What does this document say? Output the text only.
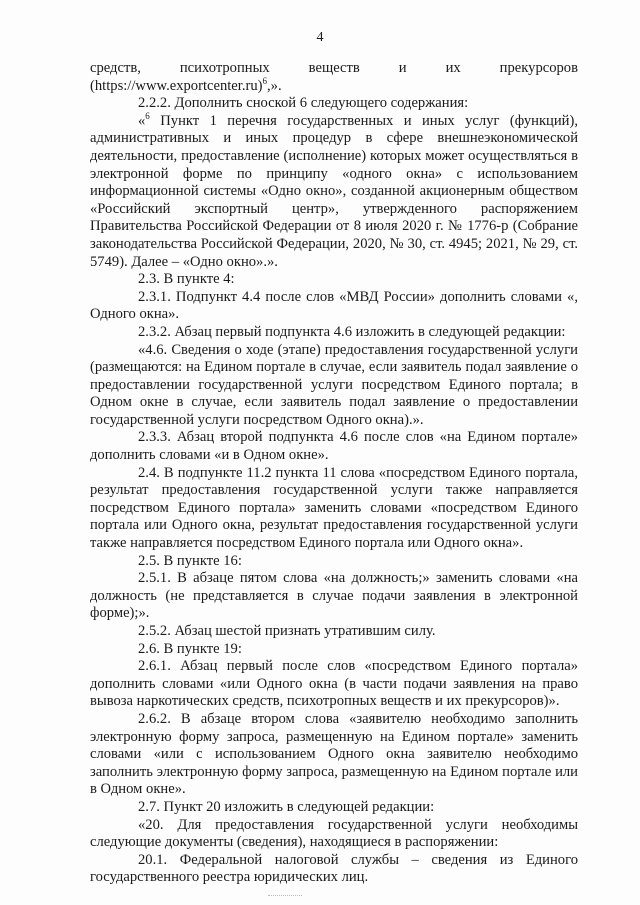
4

средств, психотропных веществ и их прекурсоров (https://www.exportcenter.ru)$^6$,».

2.2.2. Дополнить сноской 6 следующего содержания:

«$^6$ Пункт 1 перечня государственных и иных услуг (функций), административных и иных процедур в сфере внешнеэкономической деятельности, предоставление (исполнение) которых может осуществляться в электронной форме по принципу «одного окна» с использованием информационной системы «Одно окно», созданной акционерным обществом «Российский экспортный центр», утвержденного распоряжением Правительства Российской Федерации от 8 июля 2020 г. № 1776-р (Собрание законодательства Российской Федерации, 2020, № 30, ст. 4945; 2021, № 29, ст. 5749). Далее – «Одно окно».».

2.3. В пункте 4:

2.3.1. Подпункт 4.4 после слов «МВД России» дополнить словами «, Одного окна».

2.3.2. Абзац первый подпункта 4.6 изложить в следующей редакции:

«4.6. Сведения о ходе (этапе) предоставления государственной услуги (размещаются: на Едином портале в случае, если заявитель подал заявление о предоставлении государственной услуги посредством Единого портала; в Одном окне в случае, если заявитель подал заявление о предоставлении государственной услуги посредством Одного окна).».

2.3.3. Абзац второй подпункта 4.6 после слов «на Едином портале» дополнить словами «и в Одном окне».

2.4. В подпункте 11.2 пункта 11 слова «посредством Единого портала, результат предоставления государственной услуги также направляется посредством Единого портала» заменить словами «посредством Единого портала или Одного окна, результат предоставления государственной услуги также направляется посредством Единого портала или Одного окна».

2.5. В пункте 16:

2.5.1. В абзаце пятом слова «на должность;» заменить словами «на должность (не представляется в случае подачи заявления в электронной форме);».

2.5.2. Абзац шестой признать утратившим силу.

2.6. В пункте 19:

2.6.1. Абзац первый после слов «посредством Единого портала» дополнить словами «или Одного окна (в части подачи заявления на право вывоза наркотических средств, психотропных веществ и их прекурсоров)».

2.6.2. В абзаце втором слова «заявителю необходимо заполнить электронную форму запроса, размещенную на Едином портале» заменить словами «или с использованием Одного окна заявителю необходимо заполнить электронную форму запроса, размещенную на Едином портале или в Одном окне».

2.7. Пункт 20 изложить в следующей редакции:

«20. Для предоставления государственной услуги необходимы следующие документы (сведения), находящиеся в распоряжении:

20.1. Федеральной налоговой службы – сведения из Единого государственного реестра юридических лиц.
